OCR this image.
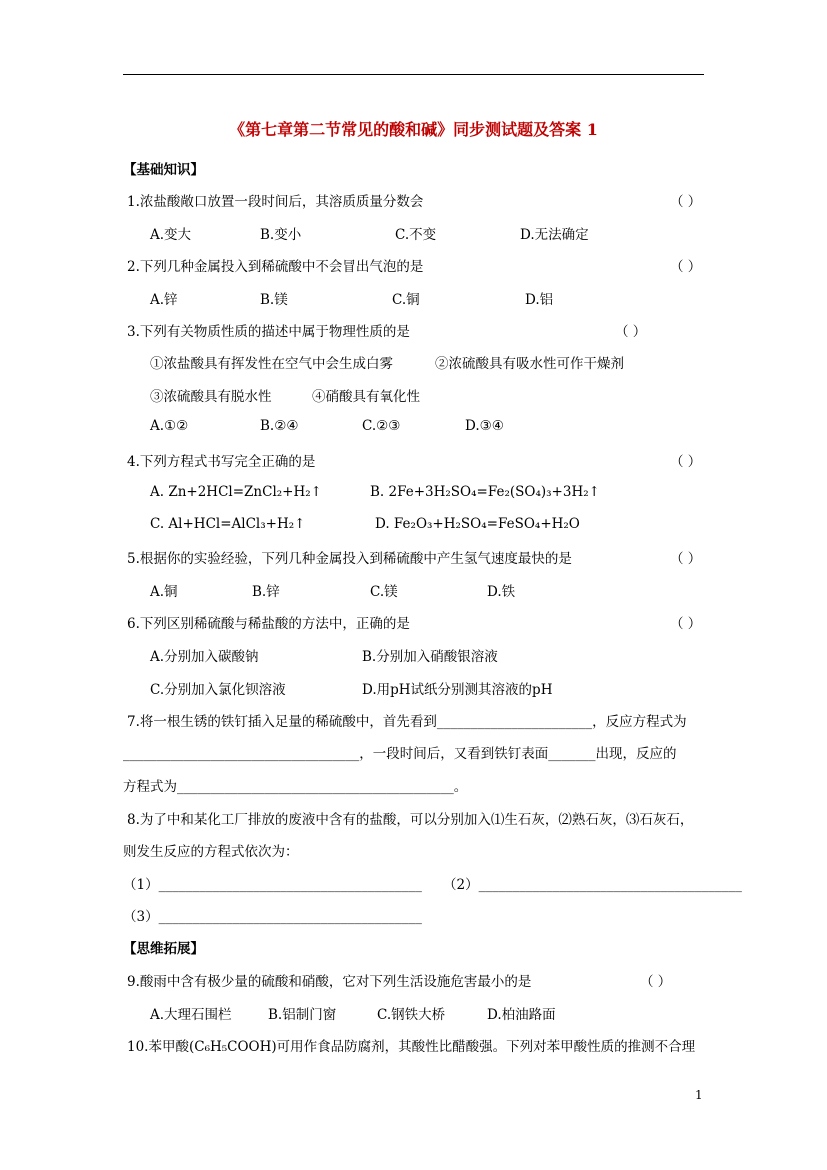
《第七章第二节常见的酸和碱》同步测试题及答案 1
【基础知识】
1.浓盐酸敞口放置一段时间后，其溶质质量分数会	（ ）
A.变大	B.变小	C.不变	D.无法确定
2.下列几种金属投入到稀硫酸中不会冒出气泡的是	（ ）
A.锌	B.镁	C.铜	D.铝
3.下列有关物质性质的描述中属于物理性质的是	（ ）
①浓盐酸具有挥发性在空气中会生成白雾	②浓硫酸具有吸水性可作干燥剂
③浓硫酸具有脱水性	④硝酸具有氧化性
A.①②	B.②④	C.②③	D.③④
4.下列方程式书写完全正确的是	（ ）
A. Zn+2HCl=ZnCl₂+H₂↑	B. 2Fe+3H₂SO₄=Fe₂(SO₄)₃+3H₂↑
C. Al+HCl=AlCl₃+H₂↑	D. Fe₂O₃+H₂SO₄=FeSO₄+H₂O
5.根据你的实验经验，下列几种金属投入到稀硫酸中产生氢气速度最快的是	（ ）
A.铜	B.锌	C.镁	D.铁
6.下列区别稀硫酸与稀盐酸的方法中，正确的是	（ ）
A.分别加入碳酸钠	B.分别加入硝酸银溶液
C.分别加入氯化钡溶液	D.用pH试纸分别测其溶液的pH
7.将一根生锈的铁钉插入足量的稀硫酸中，首先看到_______________________，反应方程式为
___________________________________，一段时间后，又看到铁钉表面_______出现，反应的
方程式为_________________________________________。
8.为了中和某化工厂排放的废液中含有的盐酸，可以分别加入⑴生石灰，⑵熟石灰，⑶石灰石，
则发生反应的方程式依次为：
（1）_______________________________________ （2）_______________________________________
（3）_______________________________________
【思维拓展】
9.酸雨中含有极少量的硫酸和硝酸，它对下列生活设施危害最小的是	（ ）
A.大理石围栏	B.铝制门窗	C.钢铁大桥	D.柏油路面
10.苯甲酸(C₆H₅COOH)可用作食品防腐剂，其酸性比醋酸强。下列对苯甲酸性质的推测不合理
1
